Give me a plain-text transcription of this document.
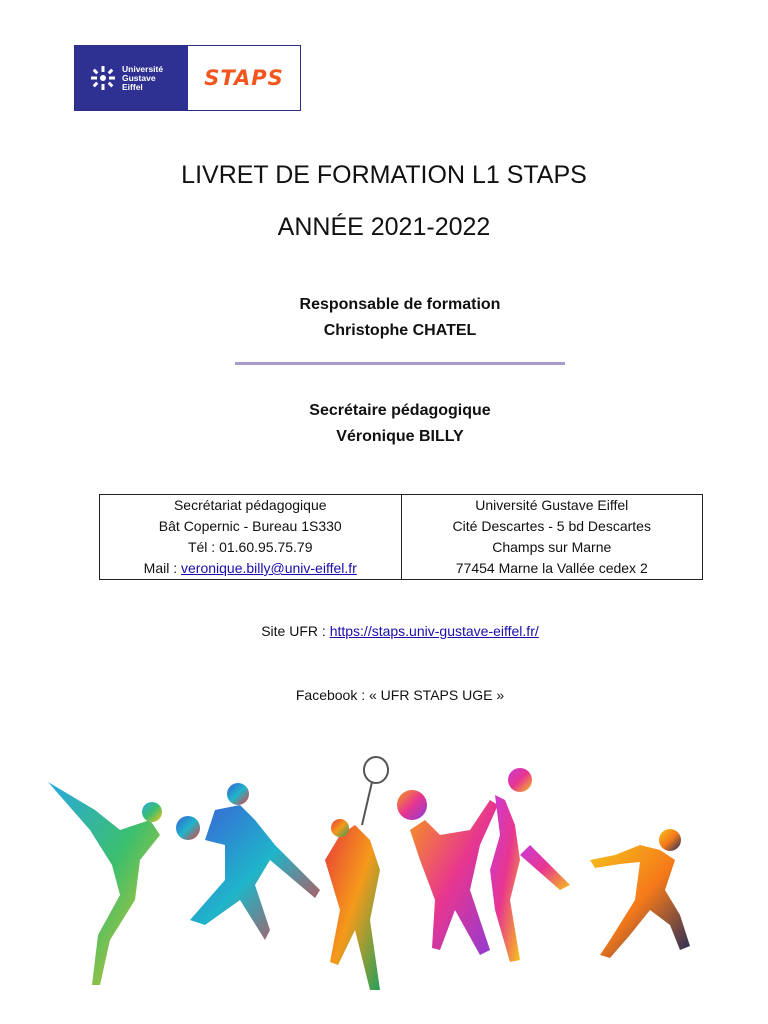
Université
Gustave
Eiffel	STAPS
LIVRET DE FORMATION L1 STAPS
ANNÉE 2021-2022
Responsable de formation
Christophe CHATEL
Secrétaire pédagogique
Véronique BILLY
Secrétariat pédagogique
Bât Copernic - Bureau 1S330
Tél : 01.60.95.75.79
Mail : veronique.billy@univ-eiffel.fr

Université Gustave Eiffel
Cité Descartes - 5 bd Descartes
Champs sur Marne
77454 Marne la Vallée cedex 2
Site UFR : https://staps.univ-gustave-eiffel.fr/
Facebook : « UFR STAPS UGE »
